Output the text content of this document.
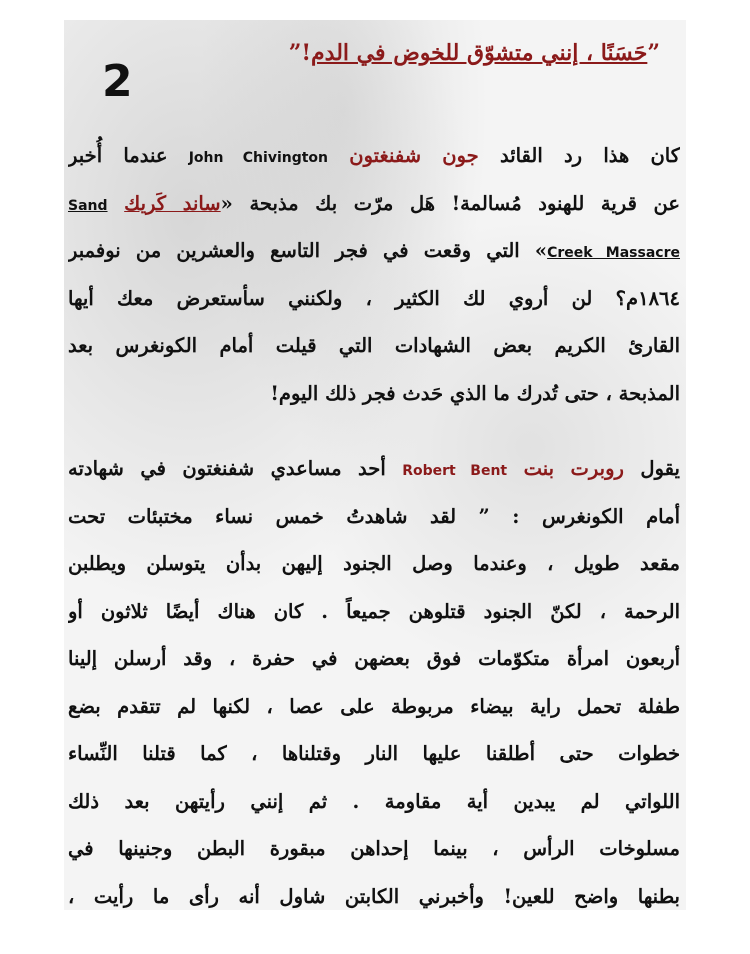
2
”حَسَنًا ، إنني متشوّق للخوض في الدم!”
كان هذا رد القائد جون شفنغتون John Chivington عندما أُخبر
عن قرية للهنود مُسالمة! هَل مرّت بك مذبحة «ساند كَريك Sand
Creek Massacre» التي وقعت في فجر التاسع والعشرين من نوفمبر
١٨٦٤م؟ لن أروي لك الكثير ، ولكنني سأستعرض معك أيها
القارئ الكريم بعض الشهادات التي قيلت أمام الكونغرس بعد
المذبحة ، حتى تُدرك ما الذي حَدث فجر ذلك اليوم!
يقول روبرت بنت Robert Bent أحد مساعدي شفنغتون في شهادته
أمام الكونغرس : ” لقد شاهدتُ خمس نساء مختبئات تحت
مقعد طويل ، وعندما وصل الجنود إليهن بدأن يتوسلن ويطلبن
الرحمة ، لكنّ الجنود قتلوهن جميعاً . كان هناك أيضًا ثلاثون أو
أربعون امرأة متكوّمات فوق بعضهن في حفرة ، وقد أرسلن إلينا
طفلة تحمل راية بيضاء مربوطة على عصا ، لكنها لم تتقدم بضع
خطوات حتى أطلقنا عليها النار وقتلناها ، كما قتلنا النِّساء
اللواتي لم يبدين أية مقاومة . ثم إنني رأيتهن بعد ذلك
مسلوخات الرأس ، بينما إحداهن مبقورة البطن وجنينها في
بطنها واضح للعين! وأخبرني الكابتن شاول أنه رأى ما رأيت ،
